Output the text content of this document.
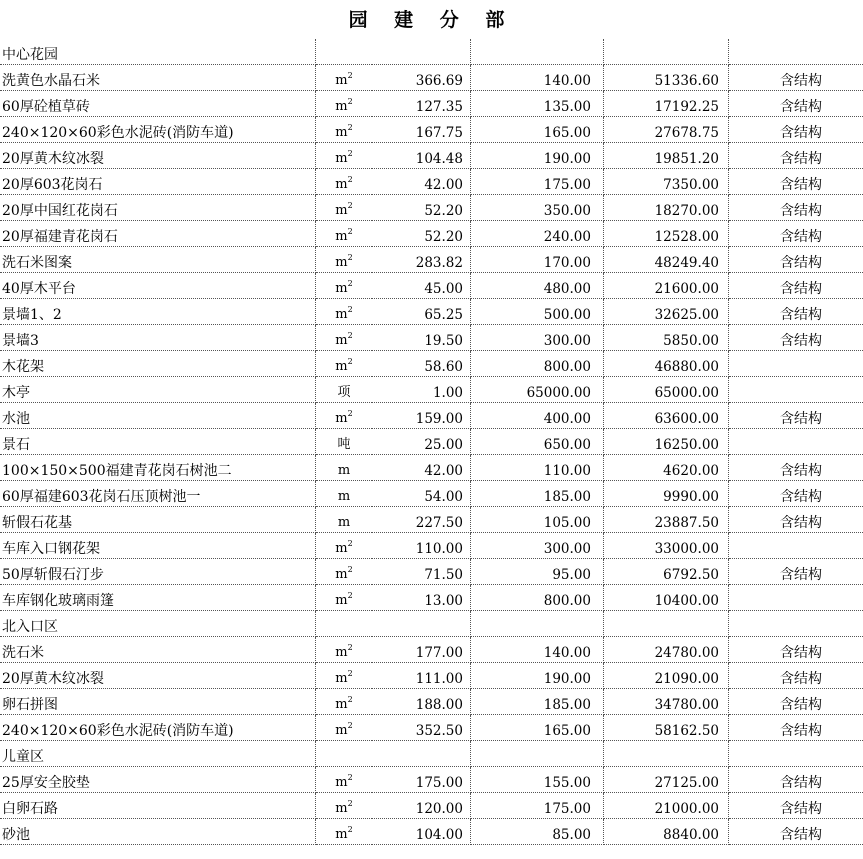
园 建 分 部
中心花园					
洗黄色水晶石米	$m^2$	366.69	140.00	51336.60	含结构
60厚砼植草砖	$m^2$	127.35	135.00	17192.25	含结构
240×120×60彩色水泥砖(消防车道)	$m^2$	167.75	165.00	27678.75	含结构
20厚黄木纹冰裂	$m^2$	104.48	190.00	19851.20	含结构
20厚603花岗石	$m^2$	42.00	175.00	7350.00	含结构
20厚中国红花岗石	$m^2$	52.20	350.00	18270.00	含结构
20厚福建青花岗石	$m^2$	52.20	240.00	12528.00	含结构
洗石米图案	$m^2$	283.82	170.00	48249.40	含结构
40厚木平台	$m^2$	45.00	480.00	21600.00	含结构
景墙1、2	$m^2$	65.25	500.00	32625.00	含结构
景墙3	$m^2$	19.50	300.00	5850.00	含结构
木花架	$m^2$	58.60	800.00	46880.00	
木亭	项	1.00	65000.00	65000.00	
水池	$m^2$	159.00	400.00	63600.00	含结构
景石	吨	25.00	650.00	16250.00	
100×150×500福建青花岗石树池二	m	42.00	110.00	4620.00	含结构
60厚福建603花岗石压顶树池一	m	54.00	185.00	9990.00	含结构
斩假石花基	m	227.50	105.00	23887.50	含结构
车库入口钢花架	$m^2$	110.00	300.00	33000.00	
50厚斩假石汀步	$m^2$	71.50	95.00	6792.50	含结构
车库钢化玻璃雨篷	$m^2$	13.00	800.00	10400.00	
北入口区					
洗石米	$m^2$	177.00	140.00	24780.00	含结构
20厚黄木纹冰裂	$m^2$	111.00	190.00	21090.00	含结构
卵石拼图	$m^2$	188.00	185.00	34780.00	含结构
240×120×60彩色水泥砖(消防车道)	$m^2$	352.50	165.00	58162.50	含结构
儿童区					
25厚安全胶垫	$m^2$	175.00	155.00	27125.00	含结构
白卵石路	$m^2$	120.00	175.00	21000.00	含结构
砂池	$m^2$	104.00	85.00	8840.00	含结构
